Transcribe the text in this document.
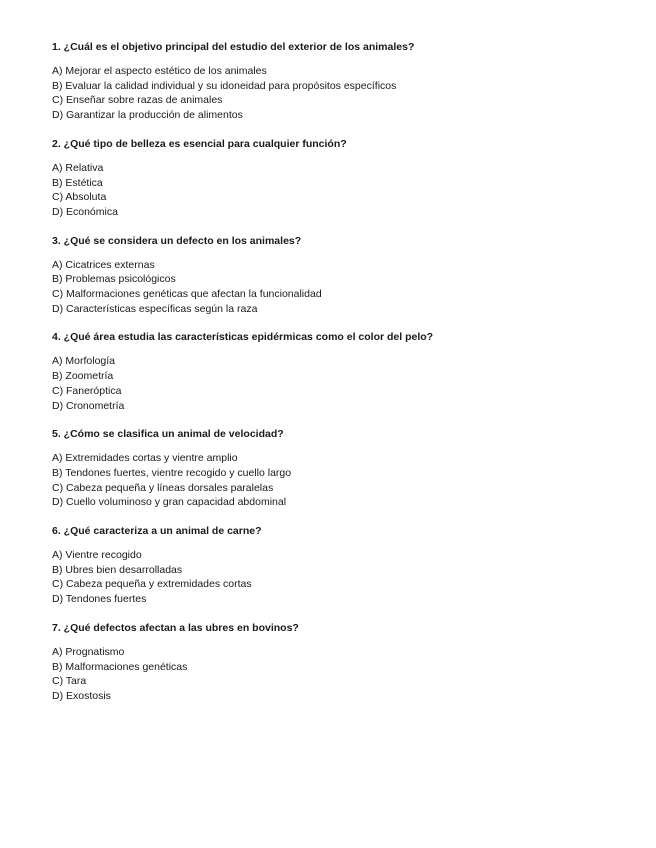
1. ¿Cuál es el objetivo principal del estudio del exterior de los animales?
A) Mejorar el aspecto estético de los animales
B) Evaluar la calidad individual y su idoneidad para propósitos específicos
C) Enseñar sobre razas de animales
D) Garantizar la producción de alimentos
2. ¿Qué tipo de belleza es esencial para cualquier función?
A) Relativa
B) Estética
C) Absoluta
D) Económica
3. ¿Qué se considera un defecto en los animales?
A) Cicatrices externas
B) Problemas psicológicos
C) Malformaciones genéticas que afectan la funcionalidad
D) Características específicas según la raza
4. ¿Qué área estudia las características epidérmicas como el color del pelo?
A) Morfología
B) Zoometría
C) Faneróptica
D) Cronometría
5. ¿Cómo se clasifica un animal de velocidad?
A) Extremidades cortas y vientre amplio
B) Tendones fuertes, vientre recogido y cuello largo
C) Cabeza pequeña y líneas dorsales paralelas
D) Cuello voluminoso y gran capacidad abdominal
6. ¿Qué caracteriza a un animal de carne?
A) Vientre recogido
B) Ubres bien desarrolladas
C) Cabeza pequeña y extremidades cortas
D) Tendones fuertes
7. ¿Qué defectos afectan a las ubres en bovinos?
A) Prognatismo
B) Malformaciones genéticas
C) Tara
D) Exostosis
